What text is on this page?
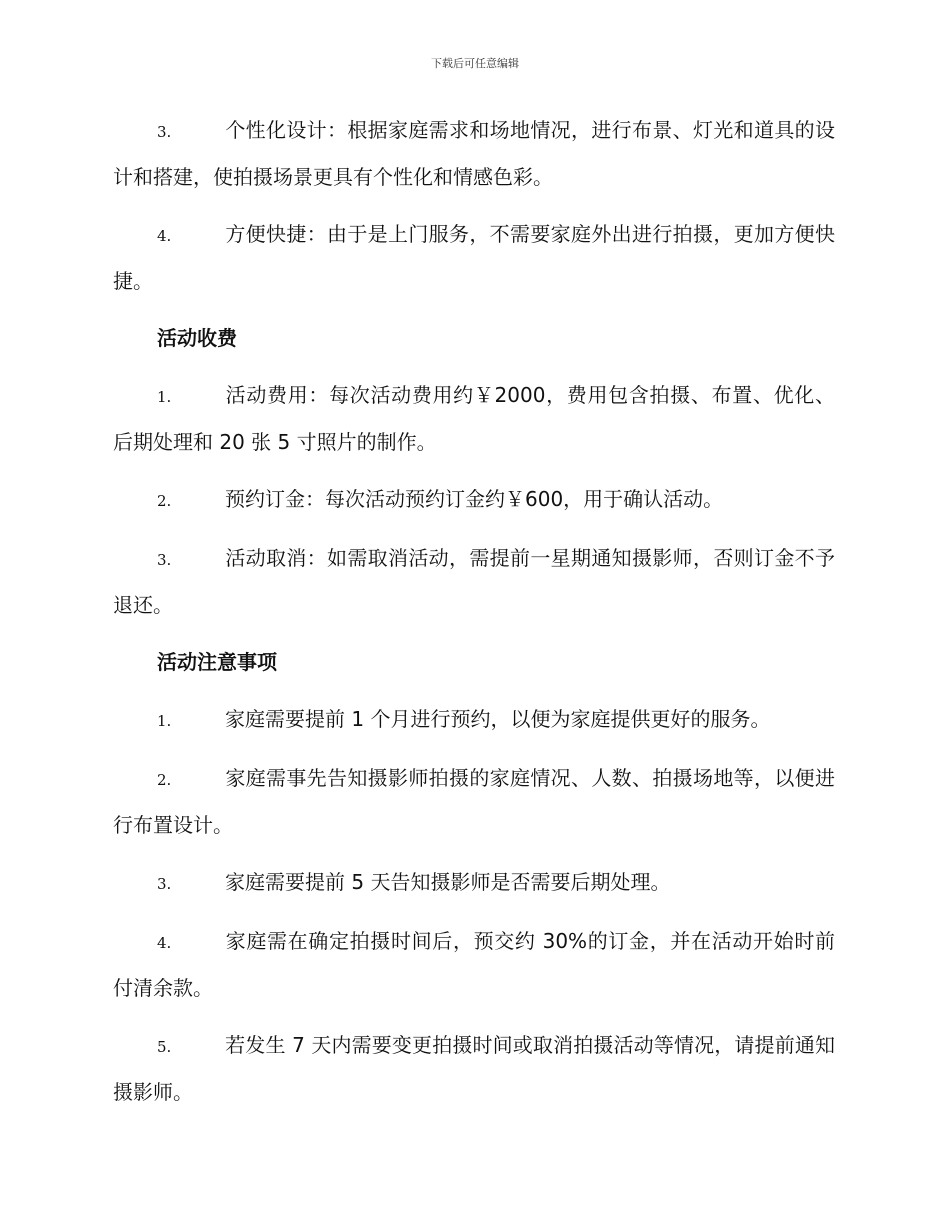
下载后可任意编辑

3.	个性化设计：根据家庭需求和场地情况，进行布景、灯光和道具的设计和搭建，使拍摄场景更具有个性化和情感色彩。

4.	方便快捷：由于是上门服务，不需要家庭外出进行拍摄，更加方便快捷。

活动收费

1.	活动费用：每次活动费用约￥2000，费用包含拍摄、布置、优化、后期处理和 20 张 5 寸照片的制作。

2.	预约订金：每次活动预约订金约￥600，用于确认活动。

3.	活动取消：如需取消活动，需提前一星期通知摄影师，否则订金不予退还。

活动注意事项

1.	家庭需要提前 1 个月进行预约，以便为家庭提供更好的服务。

2.	家庭需事先告知摄影师拍摄的家庭情况、人数、拍摄场地等，以便进行布置设计。

3.	家庭需要提前 5 天告知摄影师是否需要后期处理。

4.	家庭需在确定拍摄时间后，预交约 30%的订金，并在活动开始时前付清余款。

5.	若发生 7 天内需要变更拍摄时间或取消拍摄活动等情况，请提前通知摄影师。
